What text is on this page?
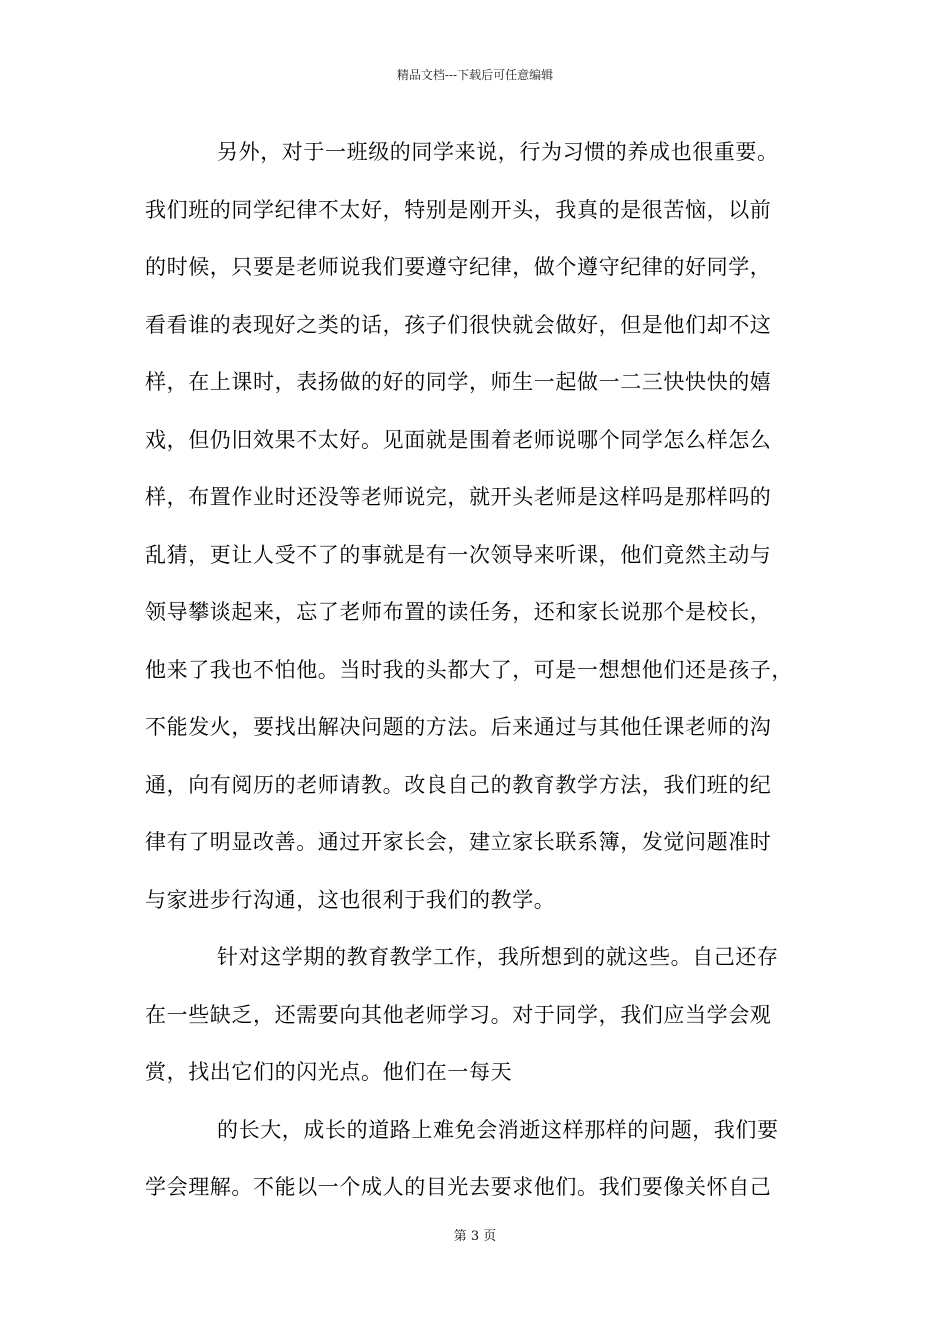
精品文档---下载后可任意编辑
另外，对于一班级的同学来说，行为习惯的养成也很重要。
我们班的同学纪律不太好，特别是刚开头，我真的是很苦恼，以前
的时候，只要是老师说我们要遵守纪律，做个遵守纪律的好同学，
看看谁的表现好之类的话，孩子们很快就会做好，但是他们却不这
样，在上课时，表扬做的好的同学，师生一起做一二三快快快的嬉
戏，但仍旧效果不太好。见面就是围着老师说哪个同学怎么样怎么
样，布置作业时还没等老师说完，就开头老师是这样吗是那样吗的
乱猜，更让人受不了的事就是有一次领导来听课，他们竟然主动与
领导攀谈起来，忘了老师布置的读任务，还和家长说那个是校长，
他来了我也不怕他。当时我的头都大了，可是一想想他们还是孩子，
不能发火，要找出解决问题的方法。后来通过与其他任课老师的沟
通，向有阅历的老师请教。改良自己的教育教学方法，我们班的纪
律有了明显改善。通过开家长会，建立家长联系簿，发觉问题准时
与家进步行沟通，这也很利于我们的教学。
针对这学期的教育教学工作，我所想到的就这些。自己还存
在一些缺乏，还需要向其他老师学习。对于同学，我们应当学会观
赏，找出它们的闪光点。他们在一每天
的长大，成长的道路上难免会消逝这样那样的问题，我们要
学会理解。不能以一个成人的目光去要求他们。我们要像关怀自己
第 3 页
